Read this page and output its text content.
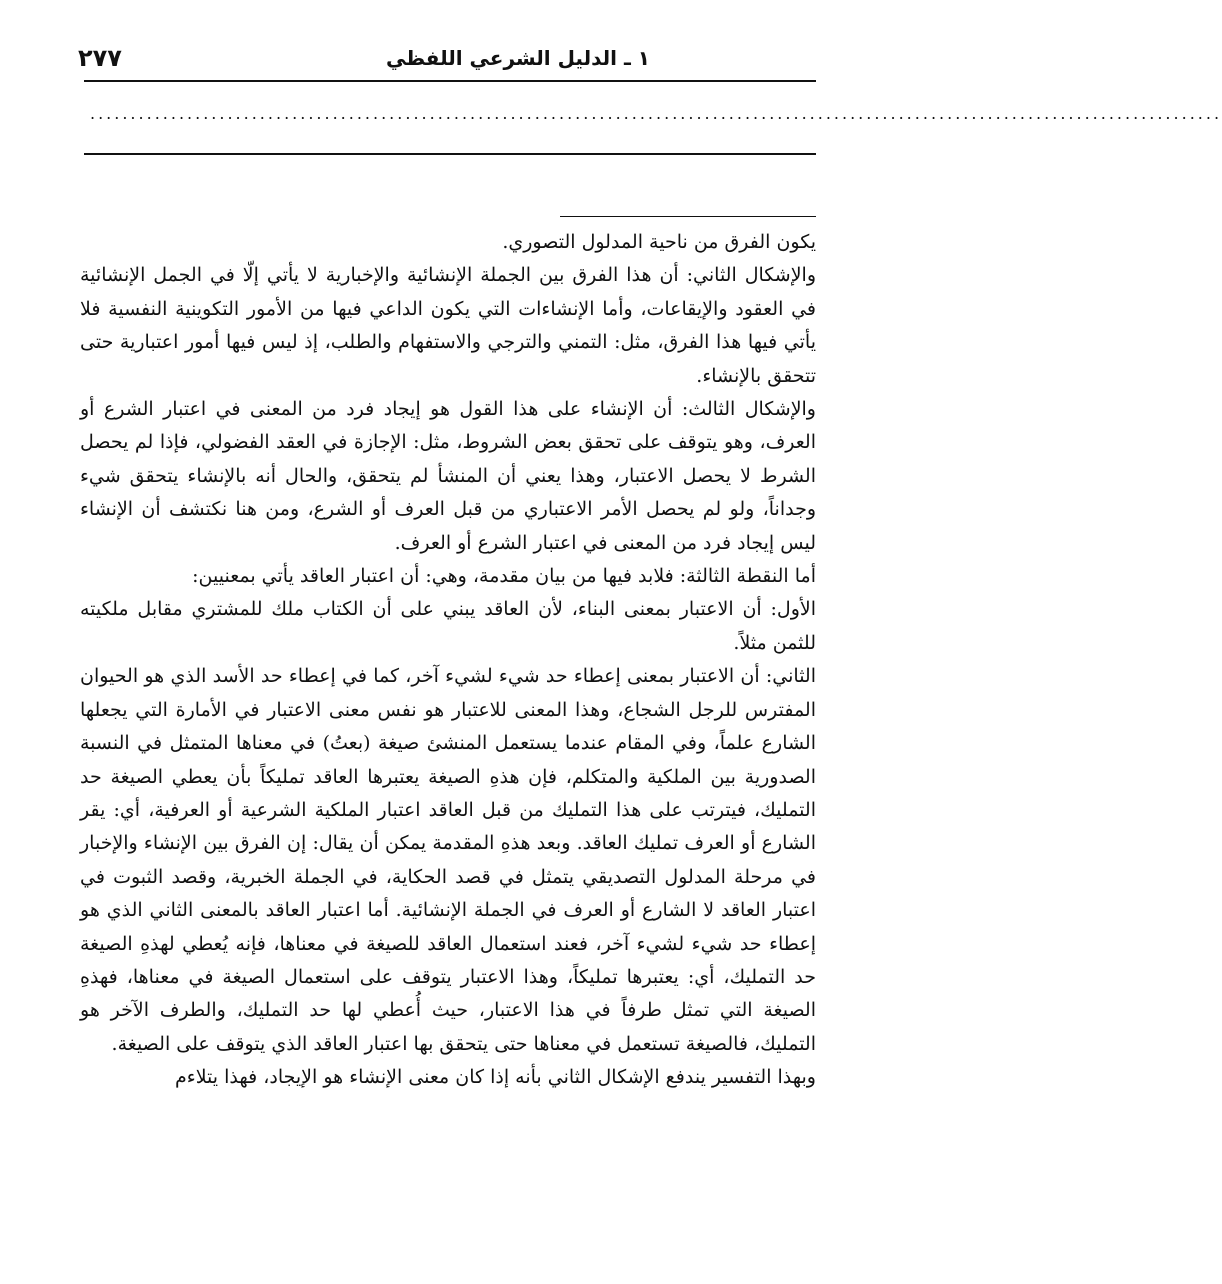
٢٧٧	١ ـ الدليل الشرعي اللفظي
............................................................................................................................................

يكون الفرق من ناحية المدلول التصوري.

والإشكال الثاني: أن هذا الفرق بين الجملة الإنشائية والإخبارية لا يأتي إلّا في الجمل الإنشائية في العقود والإيقاعات، وأما الإنشاءات التي يكون الداعي فيها من الأمور التكوينية النفسية فلا يأتي فيها هذا الفرق، مثل: التمني والترجي والاستفهام والطلب، إذ ليس فيها أمور اعتبارية حتى تتحقق بالإنشاء.

والإشكال الثالث: أن الإنشاء على هذا القول هو إيجاد فرد من المعنى في اعتبار الشرع أو العرف، وهو يتوقف على تحقق بعض الشروط، مثل: الإجازة في العقد الفضولي، فإذا لم يحصل الشرط لا يحصل الاعتبار، وهذا يعني أن المنشأ لم يتحقق، والحال أنه بالإنشاء يتحقق شيء وجداناً، ولو لم يحصل الأمر الاعتباري من قبل العرف أو الشرع، ومن هنا نكتشف أن الإنشاء ليس إيجاد فرد من المعنى في اعتبار الشرع أو العرف.

أما النقطة الثالثة: فلابد فيها من بيان مقدمة، وهي: أن اعتبار العاقد يأتي بمعنيين:

الأول: أن الاعتبار بمعنى البناء، لأن العاقد يبني على أن الكتاب ملك للمشتري مقابل ملكيته للثمن مثلاً.

الثاني: أن الاعتبار بمعنى إعطاء حد شيء لشيء آخر، كما في إعطاء حد الأسد الذي هو الحيوان المفترس للرجل الشجاع، وهذا المعنى للاعتبار هو نفس معنى الاعتبار في الأمارة التي يجعلها الشارع علماً، وفي المقام عندما يستعمل المنشئ صيغة (بعتُ) في معناها المتمثل في النسبة الصدورية بين الملكية والمتكلم، فإن هذهِ الصيغة يعتبرها العاقد تمليكاً بأن يعطي الصيغة حد التمليك، فيترتب على هذا التمليك من قبل العاقد اعتبار الملكية الشرعية أو العرفية، أي: يقر الشارع أو العرف تمليك العاقد. وبعد هذهِ المقدمة يمكن أن يقال: إن الفرق بين الإنشاء والإخبار في مرحلة المدلول التصديقي يتمثل في قصد الحكاية، في الجملة الخبرية، وقصد الثبوت في اعتبار العاقد لا الشارع أو العرف في الجملة الإنشائية. أما اعتبار العاقد بالمعنى الثاني الذي هو إعطاء حد شيء لشيء آخر، فعند استعمال العاقد للصيغة في معناها، فإنه يُعطي لهذهِ الصيغة حد التمليك، أي: يعتبرها تمليكاً، وهذا الاعتبار يتوقف على استعمال الصيغة في معناها، فهذهِ الصيغة التي تمثل طرفاً في هذا الاعتبار، حيث أُعطي لها حد التمليك، والطرف الآخر هو التمليك، فالصيغة تستعمل في معناها حتى يتحقق بها اعتبار العاقد الذي يتوقف على الصيغة.

وبهذا التفسير يندفع الإشكال الثاني بأنه إذا كان معنى الإنشاء هو الإيجاد، فهذا يتلاءم
